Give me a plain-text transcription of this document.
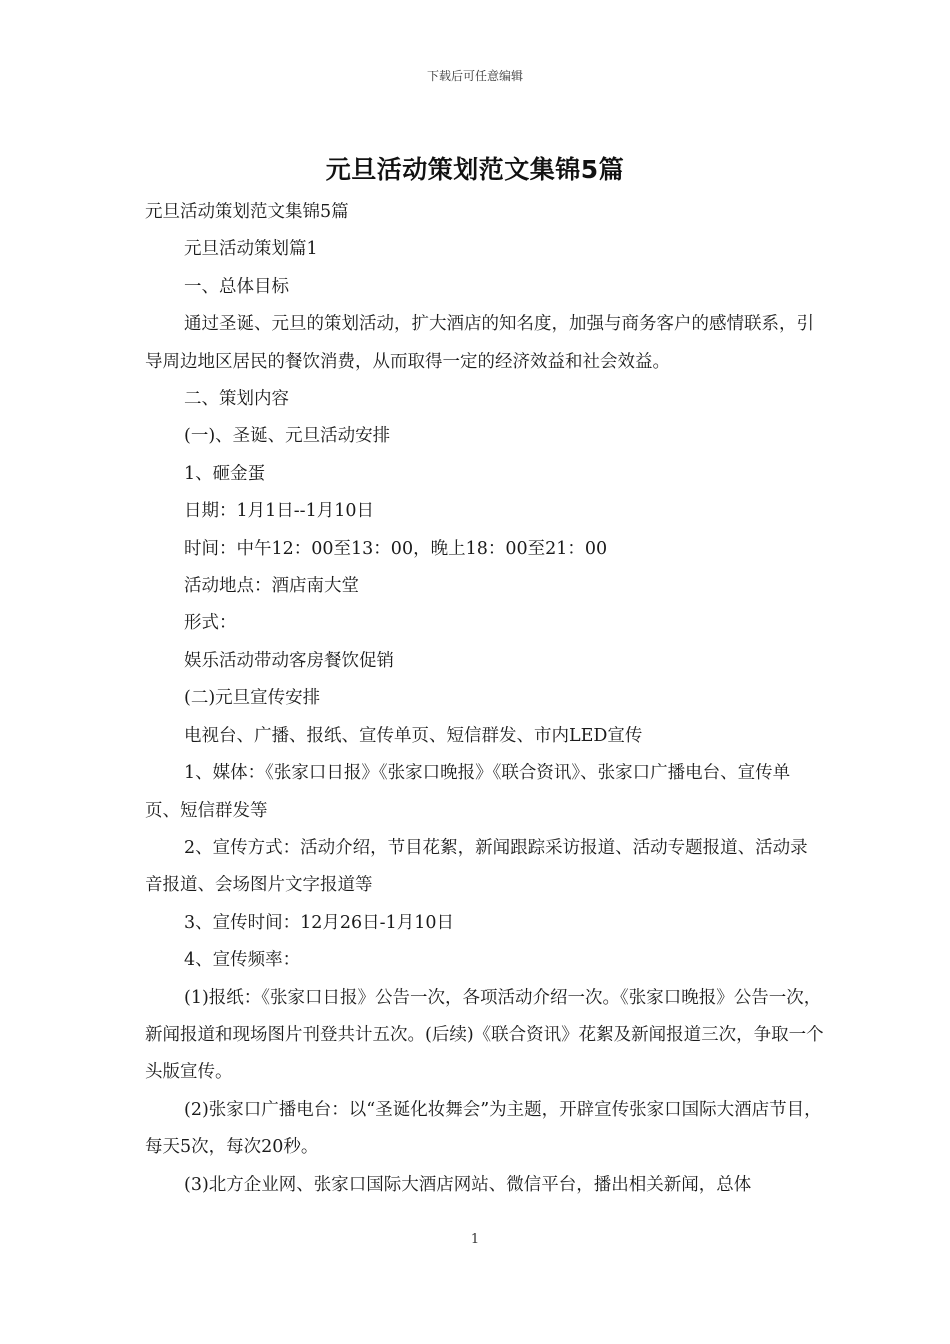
下载后可任意编辑
元旦活动策划范文集锦5篇

元旦活动策划范文集锦5篇

元旦活动策划篇1

一、总体目标

通过圣诞、元旦的策划活动，扩大酒店的知名度，加强与商务客户的感情联系，引导周边地区居民的餐饮消费，从而取得一定的经济效益和社会效益。

二、策划内容

(一)、圣诞、元旦活动安排

1、砸金蛋

日期：1月1日--1月10日

时间：中午12：00至13：00，晚上18：00至21：00

活动地点：酒店南大堂

形式：

娱乐活动带动客房餐饮促销

(二)元旦宣传安排

电视台、广播、报纸、宣传单页、短信群发、市内LED宣传

1、媒体：《张家口日报》《张家口晚报》《联合资讯》、张家口广播电台、宣传单页、短信群发等

2、宣传方式：活动介绍，节目花絮，新闻跟踪采访报道、活动专题报道、活动录音报道、会场图片文字报道等

3、宣传时间：12月26日-1月10日

4、宣传频率：

(1)报纸：《张家口日报》公告一次，各项活动介绍一次。《张家口晚报》公告一次，新闻报道和现场图片刊登共计五次。(后续)《联合资讯》花絮及新闻报道三次，争取一个头版宣传。

(2)张家口广播电台：以“圣诞化妆舞会”为主题，开辟宣传张家口国际大酒店节目，每天5次，每次20秒。

(3)北方企业网、张家口国际大酒店网站、微信平台，播出相关新闻，总体

1
